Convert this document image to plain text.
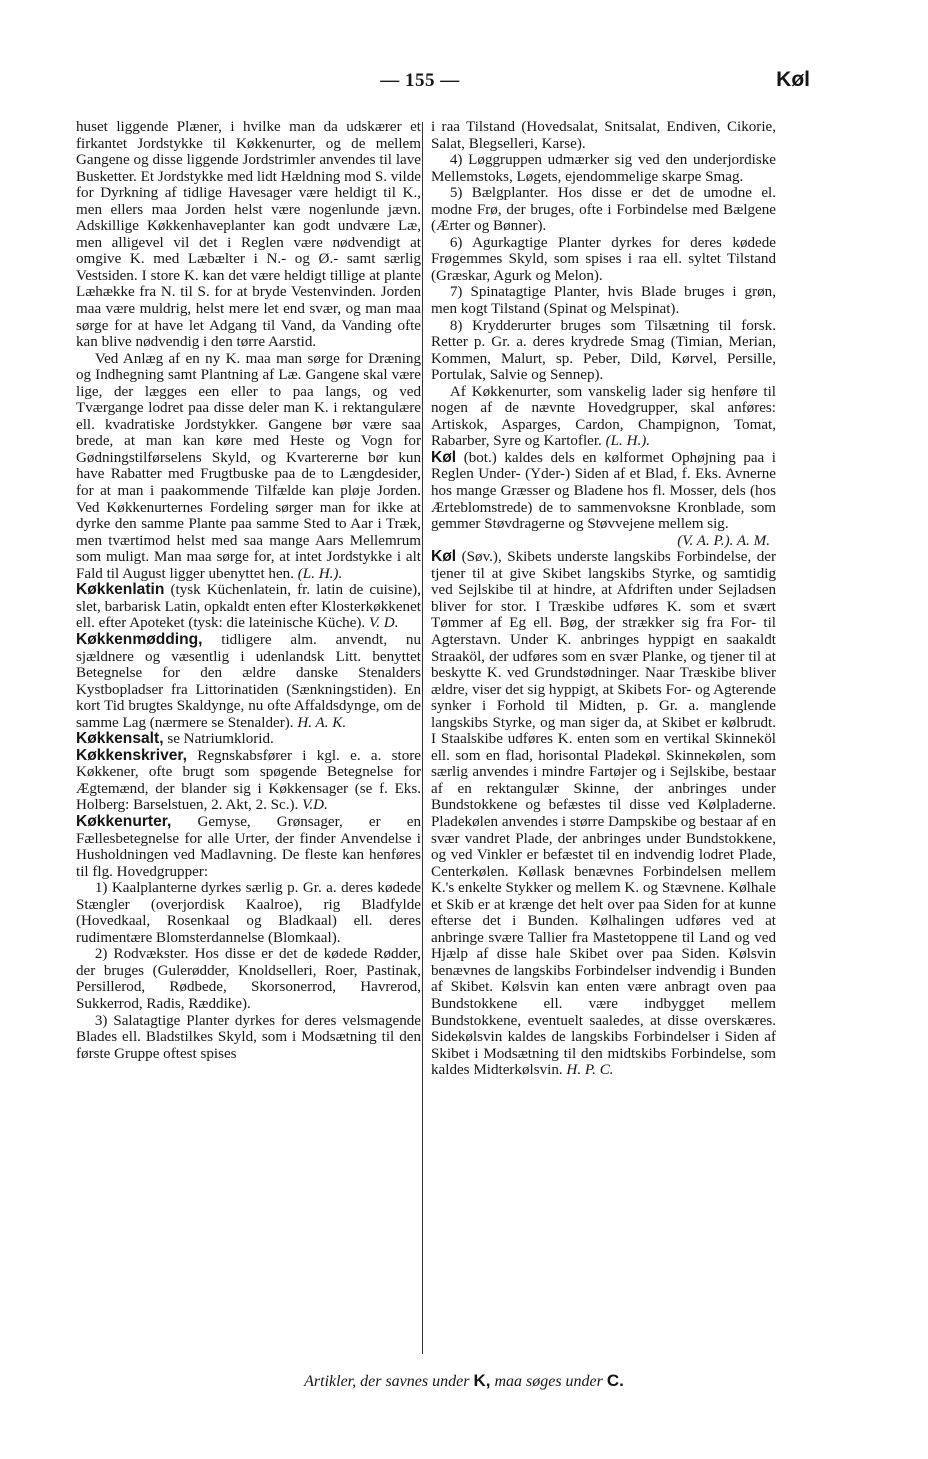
— 155 —	Køl

huset liggende Plæner, i hvilke man da udskærer et firkantet Jordstykke til Køkkenurter, og de mellem Gangene og disse liggende Jordstrimler anvendes til lave Busketter. Et Jordstykke med lidt Hældning mod S. vilde for Dyrkning af tidlige Havesager være heldigt til K., men ellers maa Jorden helst være nogenlunde jævn. Adskillige Køkkenhaveplanter kan godt undvære Læ, men alligevel vil det i Reglen være nødvendigt at omgive K. med Læbælter i N.- og Ø.- samt særlig Vestsiden. I store K. kan det være heldigt tillige at plante Læhække fra N. til S. for at bryde Vestenvinden. Jorden maa være muldrig, helst mere let end svær, og man maa sørge for at have let Adgang til Vand, da Vanding ofte kan blive nødvendig i den tørre Aarstid.

Ved Anlæg af en ny K. maa man sørge for Dræning og Indhegning samt Plantning af Læ. Gangene skal være lige, der lægges een eller to paa langs, og ved Tværgange lodret paa disse deler man K. i rektangulære ell. kvadratiske Jordstykker. Gangene bør være saa brede, at man kan køre med Heste og Vogn for Gødningstilførselens Skyld, og Kvartererne bør kun have Rabatter med Frugtbuske paa de to Længdesider, for at man i paakommende Tilfælde kan pløje Jorden. Ved Køkkenurternes Fordeling sørger man for ikke at dyrke den samme Plante paa samme Sted to Aar i Træk, men tværtimod helst med saa mange Aars Mellemrum som muligt. Man maa sørge for, at intet Jordstykke i alt Fald til August ligger ubenyttet hen. (L. H.).

Køkkenlatin (tysk Küchenlatein, fr. latin de cuisine), slet, barbarisk Latin, opkaldt enten efter Klosterkøkkenet ell. efter Apoteket (tysk: die lateinische Küche). V. D.

Køkkenmødding, tidligere alm. anvendt, nu sjældnere og væsentlig i udenlandsk Litt. benyttet Betegnelse for den ældre danske Stenalders Kystbopladser fra Littorinatiden (Sænkningstiden). En kort Tid brugtes Skaldynge, nu ofte Affaldsdynge, om de samme Lag (nærmere se Stenalder). H. A. K.

Køkkensalt, se Natriumklorid.

Køkkenskriver, Regnskabsfører i kgl. e. a. store Køkkener, ofte brugt som spøgende Betegnelse for Ægtemænd, der blander sig i Køkkensager (se f. Eks. Holberg: Barselstuen, 2. Akt, 2. Sc.). V.D.

Køkkenurter, Gemyse, Grønsager, er en Fællesbetegnelse for alle Urter, der finder Anvendelse i Husholdningen ved Madlavning. De fleste kan henføres til flg. Hovedgrupper:

1) Kaalplanterne dyrkes særlig p. Gr. a. deres kødede Stængler (overjordisk Kaalroe), rig Bladfylde (Hovedkaal, Rosenkaal og Bladkaal) ell. deres rudimentære Blomsterdannelse (Blomkaal).

2) Rodvækster. Hos disse er det de kødede Rødder, der bruges (Gulerødder, Knoldselleri, Roer, Pastinak, Persillerod, Rødbede, Skorsonerrod, Havrerod, Sukkerrod, Radis, Ræddike).

3) Salatagtige Planter dyrkes for deres velsmagende Blades ell. Bladstilkes Skyld, som i Modsætning til den første Gruppe oftest spises

i raa Tilstand (Hovedsalat, Snitsalat, Endiven, Cikorie, Salat, Blegselleri, Karse).

4) Løggruppen udmærker sig ved den underjordiske Mellemstoks, Løgets, ejendommelige skarpe Smag.

5) Bælgplanter. Hos disse er det de umodne el. modne Frø, der bruges, ofte i Forbindelse med Bælgene (Ærter og Bønner).

6) Agurkagtige Planter dyrkes for deres kødede Frøgemmes Skyld, som spises i raa ell. syltet Tilstand (Græskar, Agurk og Melon).

7) Spinatagtige Planter, hvis Blade bruges i grøn, men kogt Tilstand (Spinat og Melspinat).

8) Krydderurter bruges som Tilsætning til forsk. Retter p. Gr. a. deres krydrede Smag (Timian, Merian, Kommen, Malurt, sp. Peber, Dild, Kørvel, Persille, Portulak, Salvie og Sennep).

Af Køkkenurter, som vanskelig lader sig henføre til nogen af de nævnte Hovedgrupper, skal anføres: Artiskok, Asparges, Cardon, Champignon, Tomat, Rabarber, Syre og Kartofler. (L. H.).

Køl (bot.) kaldes dels en kølformet Ophøjning paa i Reglen Under- (Yder-) Siden af et Blad, f. Eks. Avnerne hos mange Græsser og Bladene hos fl. Mosser, dels (hos Ærteblomstrede) de to sammenvoksne Kronblade, som gemmer Støvdragerne og Støvvejene mellem sig.
(V. A. P.). A. M.

Køl (Søv.), Skibets underste langskibs Forbindelse, der tjener til at give Skibet langskibs Styrke, og samtidig ved Sejlskibe til at hindre, at Afdriften under Sejladsen bliver for stor. I Træskibe udføres K. som et svært Tømmer af Eg ell. Bøg, der strækker sig fra For- til Agterstavn. Under K. anbringes hyppigt en saakaldt Straaköl, der udføres som en svær Planke, og tjener til at beskytte K. ved Grundstødninger. Naar Træskibe bliver ældre, viser det sig hyppigt, at Skibets For- og Agterende synker i Forhold til Midten, p. Gr. a. manglende langskibs Styrke, og man siger da, at Skibet er kølbrudt. I Staalskibe udføres K. enten som en vertikal Skinneköl ell. som en flad, horisontal Pladekøl. Skinnekølen, som særlig anvendes i mindre Fartøjer og i Sejlskibe, bestaar af en rektangulær Skinne, der anbringes under Bundstokkene og befæstes til disse ved Kølpladerne. Pladekølen anvendes i større Dampskibe og bestaar af en svær vandret Plade, der anbringes under Bundstokkene, og ved Vinkler er befæstet til en indvendig lodret Plade, Centerkølen. Køllask benævnes Forbindelsen mellem K.'s enkelte Stykker og mellem K. og Stævnene. Kølhale et Skib er at krænge det helt over paa Siden for at kunne efterse det i Bunden. Kølhalingen udføres ved at anbringe svære Tallier fra Mastetoppene til Land og ved Hjælp af disse hale Skibet over paa Siden. Kølsvin benævnes de langskibs Forbindelser indvendig i Bunden af Skibet. Kølsvin kan enten være anbragt oven paa Bundstokkene ell. være indbygget mellem Bundstokkene, eventuelt saaledes, at disse overskæres. Sidekølsvin kaldes de langskibs Forbindelser i Siden af Skibet i Modsætning til den midtskibs Forbindelse, som kaldes Midterkølsvin. H. P. C.

Artikler, der savnes under K, maa søges under C.
